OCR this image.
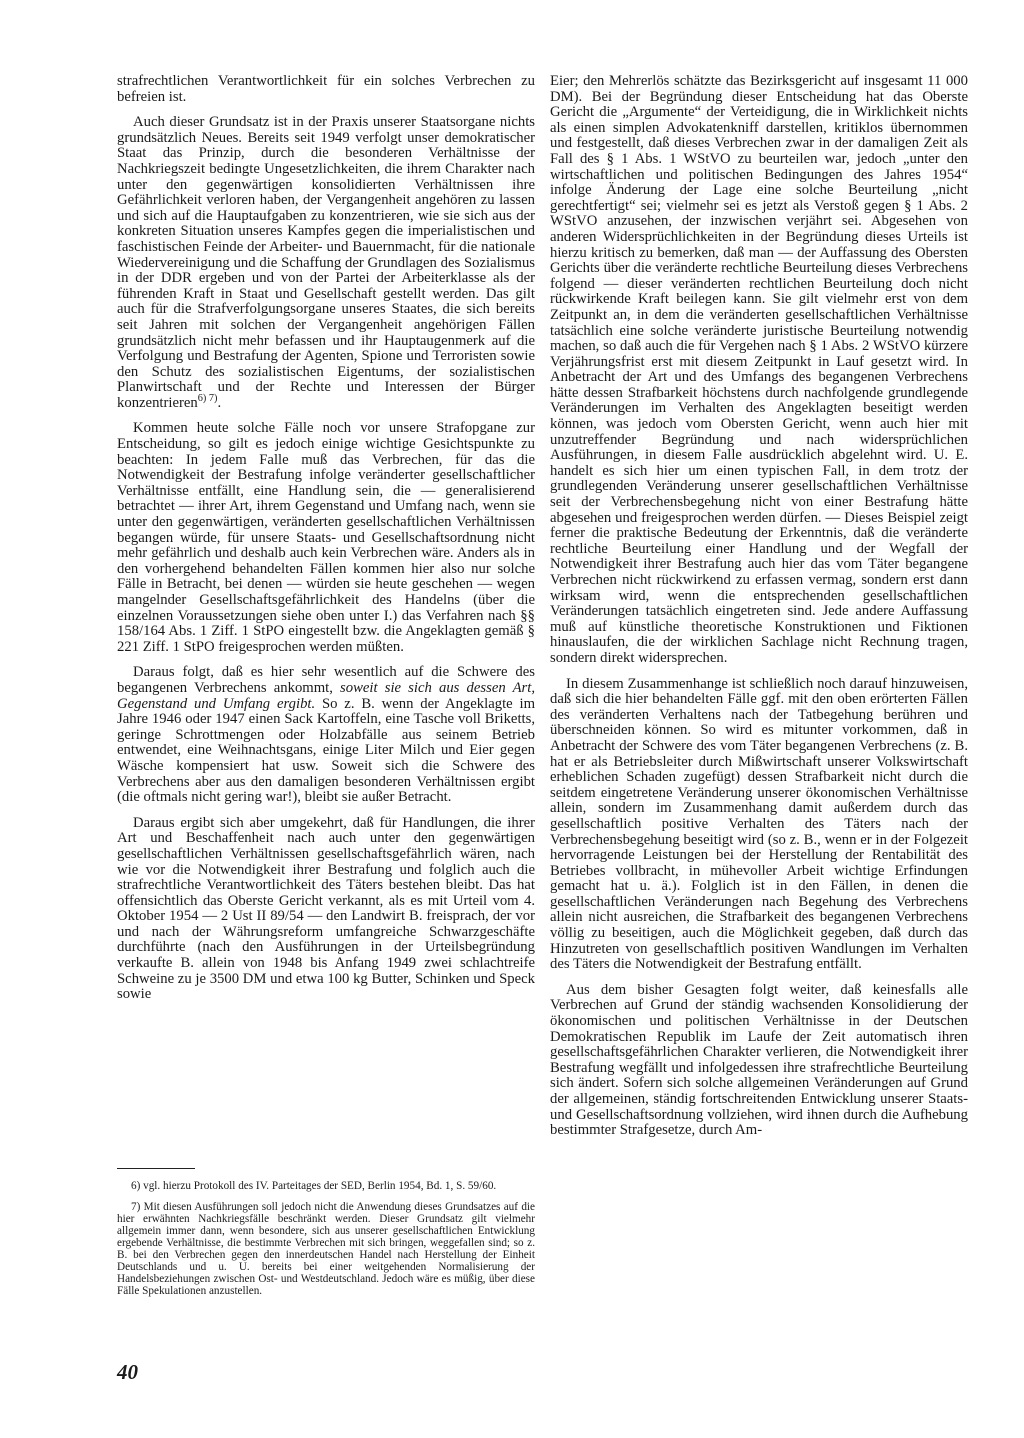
strafrechtlichen Verantwortlichkeit für ein solches Verbrechen zu befreien ist.

Auch dieser Grundsatz ist in der Praxis unserer Staatsorgane nichts grundsätzlich Neues. Bereits seit 1949 verfolgt unser demokratischer Staat das Prinzip, durch die besonderen Verhältnisse der Nachkriegszeit bedingte Ungesetzlichkeiten, die ihrem Charakter nach unter den gegenwärtigen konsolidierten Verhältnissen ihre Gefährlichkeit verloren haben, der Vergangenheit angehören zu lassen und sich auf die Hauptaufgaben zu konzentrieren, wie sie sich aus der konkreten Situation unseres Kampfes gegen die imperialistischen und faschistischen Feinde der Arbeiter- und Bauernmacht, für die nationale Wiedervereinigung und die Schaffung der Grundlagen des Sozialismus in der DDR ergeben und von der Partei der Arbeiterklasse als der führenden Kraft in Staat und Gesellschaft gestellt werden. Das gilt auch für die Strafverfolgungsorgane unseres Staates, die sich bereits seit Jahren mit solchen der Vergangenheit angehörigen Fällen grundsätzlich nicht mehr befassen und ihr Hauptaugenmerk auf die Verfolgung und Bestrafung der Agenten, Spione und Terroristen sowie den Schutz des sozialistischen Eigentums, der sozialistischen Planwirtschaft und der Rechte und Interessen der Bürger konzentrieren$^{6) 7)}$.

Kommen heute solche Fälle noch vor unsere Strafорgane zur Entscheidung, so gilt es jedoch einige wichtige Gesichtspunkte zu beachten: In jedem Falle muß das Verbrechen, für das die Notwendigkeit der Bestrafung infolge veränderter gesellschaftlicher Verhältnisse entfällt, eine Handlung sein, die — generalisierend betrachtet — ihrer Art, ihrem Gegenstand und Umfang nach, wenn sie unter den gegenwärtigen, veränderten gesellschaftlichen Verhältnissen begangen würde, für unsere Staats- und Gesellschaftsordnung nicht mehr gefährlich und deshalb auch kein Verbrechen wäre. Anders als in den vorhergehend behandelten Fällen kommen hier also nur solche Fälle in Betracht, bei denen — würden sie heute geschehen — wegen mangelnder Gesellschaftsgefährlichkeit des Handelns (über die einzelnen Voraussetzungen siehe oben unter I.) das Verfahren nach §§ 158/164 Abs. 1 Ziff. 1 StPO eingestellt bzw. die Angeklagten gemäß § 221 Ziff. 1 StPO freigesprochen werden müßten.

Daraus folgt, daß es hier sehr wesentlich auf die Schwere des begangenen Verbrechens ankommt, soweit sie sich aus dessen Art, Gegenstand und Umfang ergibt. So z. B. wenn der Angeklagte im Jahre 1946 oder 1947 einen Sack Kartoffeln, eine Tasche voll Briketts, geringe Schrottmengen oder Holzabfälle aus seinem Betrieb entwendet, eine Weihnachtsgans, einige Liter Milch und Eier gegen Wäsche kompensiert hat usw. Soweit sich die Schwere des Verbrechens aber aus den damaligen besonderen Verhältnissen ergibt (die oftmals nicht gering war!), bleibt sie außer Betracht.

Daraus ergibt sich aber umgekehrt, daß für Handlungen, die ihrer Art und Beschaffenheit nach auch unter den gegenwärtigen gesellschaftlichen Verhältnissen gesellschaftsgefährlich wären, nach wie vor die Notwendigkeit ihrer Bestrafung und folglich auch die strafrechtliche Verantwortlichkeit des Täters bestehen bleibt. Das hat offensichtlich das Oberste Gericht verkannt, als es mit Urteil vom 4. Oktober 1954 — 2 Ust II 89/54 — den Landwirt B. freisprach, der vor und nach der Währungsreform umfangreiche Schwarzgeschäfte durchführte (nach den Ausführungen in der Urteilsbegründung verkaufte B. allein von 1948 bis Anfang 1949 zwei schlachtreife Schweine zu je 3500 DM und etwa 100 kg Butter, Schinken und Speck sowie

6) vgl. hierzu Protokoll des IV. Parteitages der SED, Berlin 1954, Bd. 1, S. 59/60.

7) Mit diesen Ausführungen soll jedoch nicht die Anwendung dieses Grundsatzes auf die hier erwähnten Nachkriegsfälle beschränkt werden. Dieser Grundsatz gilt vielmehr allgemein immer dann, wenn besondere, sich aus unserer gesellschaftlichen Entwicklung ergebende Verhältnisse, die bestimmte Verbrechen mit sich bringen, weggefallen sind; so z. B. bei den Verbrechen gegen den innerdeutschen Handel nach Herstellung der Einheit Deutschlands und u. U. bereits bei einer weitgehenden Normalisierung der Handelsbeziehungen zwischen Ost- und Westdeutschland. Jedoch wäre es müßig, über diese Fälle Spekulationen anzustellen.

Eier; den Mehrerlös schätzte das Bezirksgericht auf insgesamt 11 000 DM). Bei der Begründung dieser Entscheidung hat das Oberste Gericht die „Argumente“ der Verteidigung, die in Wirklichkeit nichts als einen simplen Advokatenkniff darstellen, kritiklos übernommen und festgestellt, daß dieses Verbrechen zwar in der damaligen Zeit als Fall des § 1 Abs. 1 WStVO zu beurteilen war, jedoch „unter den wirtschaftlichen und politischen Bedingungen des Jahres 1954“ infolge Änderung der Lage eine solche Beurteilung „nicht gerechtfertigt“ sei; vielmehr sei es jetzt als Verstoß gegen § 1 Abs. 2 WStVO anzusehen, der inzwischen verjährt sei. Abgesehen von anderen Widersprüchlichkeiten in der Begründung dieses Urteils ist hierzu kritisch zu bemerken, daß man — der Auffassung des Obersten Gerichts über die veränderte rechtliche Beurteilung dieses Verbrechens folgend — dieser veränderten rechtlichen Beurteilung doch nicht rückwirkende Kraft beilegen kann. Sie gilt vielmehr erst von dem Zeitpunkt an, in dem die veränderten gesellschaftlichen Verhältnisse tatsächlich eine solche veränderte juristische Beurteilung notwendig machen, so daß auch die für Vergehen nach § 1 Abs. 2 WStVO kürzere Verjährungsfrist erst mit diesem Zeitpunkt in Lauf gesetzt wird. In Anbetracht der Art und des Umfangs des begangenen Verbrechens hätte dessen Strafbarkeit höchstens durch nachfolgende grundlegende Veränderungen im Verhalten des Angeklagten beseitigt werden können, was jedoch vom Obersten Gericht, wenn auch hier mit unzutreffender Begründung und nach widersprüchlichen Ausführungen, in diesem Falle ausdrücklich abgelehnt wird. U. E. handelt es sich hier um einen typischen Fall, in dem trotz der grundlegenden Veränderung unserer gesellschaftlichen Verhältnisse seit der Verbrechensbegehung nicht von einer Bestrafung hätte abgesehen und freigesprochen werden dürfen. — Dieses Beispiel zeigt ferner die praktische Bedeutung der Erkenntnis, daß die veränderte rechtliche Beurteilung einer Handlung und der Wegfall der Notwendigkeit ihrer Bestrafung auch hier das vom Täter begangene Verbrechen nicht rückwirkend zu erfassen vermag, sondern erst dann wirksam wird, wenn die entsprechenden gesellschaftlichen Veränderungen tatsächlich eingetreten sind. Jede andere Auffassung muß auf künstliche theoretische Konstruktionen und Fiktionen hinauslaufen, die der wirklichen Sachlage nicht Rechnung tragen, sondern direkt widersprechen.

In diesem Zusammenhange ist schließlich noch darauf hinzuweisen, daß sich die hier behandelten Fälle ggf. mit den oben erörterten Fällen des veränderten Verhaltens nach der Tatbegehung berühren und überschneiden können. So wird es mitunter vorkommen, daß in Anbetracht der Schwere des vom Täter begangenen Verbrechens (z. B. hat er als Betriebsleiter durch Mißwirtschaft unserer Volkswirtschaft erheblichen Schaden zugefügt) dessen Strafbarkeit nicht durch die seitdem eingetretene Veränderung unserer ökonomischen Verhältnisse allein, sondern im Zusammenhang damit außerdem durch das gesellschaftlich positive Verhalten des Täters nach der Verbrechensbegehung beseitigt wird (so z. B., wenn er in der Folgezeit hervorragende Leistungen bei der Herstellung der Rentabilität des Betriebes vollbracht, in mühevoller Arbeit wichtige Erfindungen gemacht hat u. ä.). Folglich ist in den Fällen, in denen die gesellschaftlichen Veränderungen nach Begehung des Verbrechens allein nicht ausreichen, die Strafbarkeit des begangenen Verbrechens völlig zu beseitigen, auch die Möglichkeit gegeben, daß durch das Hinzutreten von gesellschaftlich positiven Wandlungen im Verhalten des Täters die Notwendigkeit der Bestrafung entfällt.

Aus dem bisher Gesagten folgt weiter, daß keinesfalls alle Verbrechen auf Grund der ständig wachsenden Konsolidierung der ökonomischen und politischen Verhältnisse in der Deutschen Demokratischen Republik im Laufe der Zeit automatisch ihren gesellschaftsgefährlichen Charakter verlieren, die Notwendigkeit ihrer Bestrafung wegfällt und infolgedessen ihre strafrechtliche Beurteilung sich ändert. Sofern sich solche allgemeinen Veränderungen auf Grund der allgemeinen, ständig fortschreitenden Entwicklung unserer Staats- und Gesellschaftsordnung vollziehen, wird ihnen durch die Aufhebung bestimmter Strafgesetze, durch Am-

40
